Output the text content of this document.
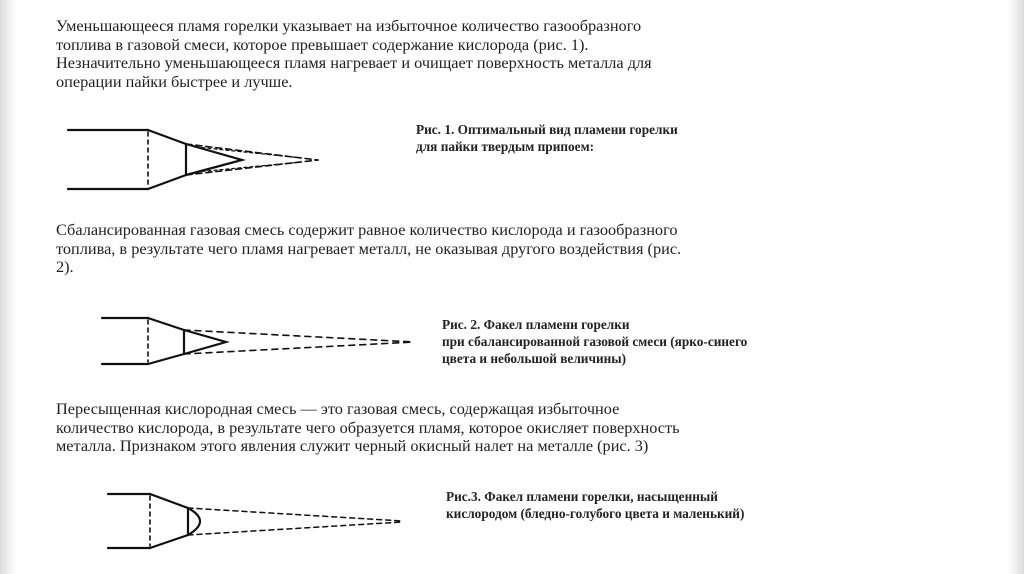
Уменьшающееся пламя горелки указывает на избыточное количество газообразного
топлива в газовой смеси, которое превышает содержание кислорода (рис. 1).
Незначительно уменьшающееся пламя нагревает и очищает поверхность металла для
операции пайки быстрее и лучше.

Рис. 1. Оптимальный вид пламени горелки
для пайки твердым припоем:

Сбалансированная газовая смесь содержит равное количество кислорода и газообразного
топлива, в результате чего пламя нагревает металл, не оказывая другого воздействия (рис.
2).

Рис. 2. Факел пламени горелки
при сбалансированной газовой смеси (ярко-синего
цвета и небольшой величины)

Пересыщенная кислородная смесь — это газовая смесь, содержащая избыточное
количество кислорода, в результате чего образуется пламя, которое окисляет поверхность
металла. Признаком этого явления служит черный окисный налет на металле (рис. 3)

Рис.3. Факел пламени горелки, насыщенный
кислородом (бледно-голубого цвета и маленький)
